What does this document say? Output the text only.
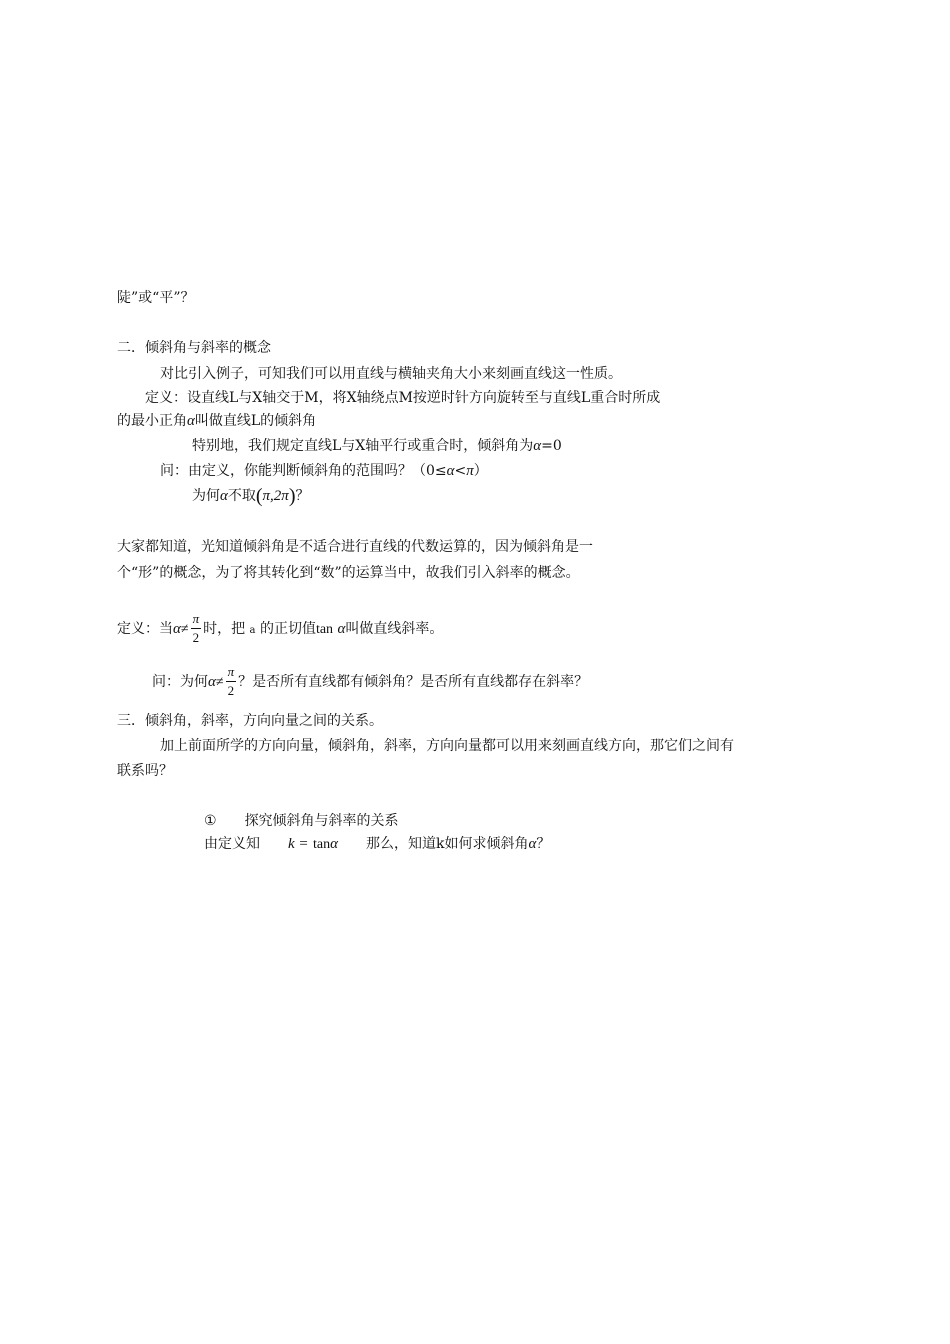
陡”或“平”？
二．倾斜角与斜率的概念
对比引入例子，可知我们可以用直线与横轴夹角大小来刻画直线这一性质。
定义：设直线L与X轴交于M，将X轴绕点M按逆时针方向旋转至与直线L重合时所成
的最小正角α叫做直线L的倾斜角
特别地，我们规定直线L与X轴平行或重合时，倾斜角为α=0
问：由定义，你能判断倾斜角的范围吗？（0≤α<π）
为何α不取(π,2π)？
大家都知道，光知道倾斜角是不适合进行直线的代数运算的，因为倾斜角是一
个“形”的概念，为了将其转化到“数”的运算当中，故我们引入斜率的概念。
定义：当$\alpha\ne \frac{\pi}{2}$ 时，把 a 的正切值tan α叫做直线斜率。
问：为何$\alpha\ne \frac{\pi}{2}$ ？是否所有直线都有倾斜角？是否所有直线都存在斜率？
三．倾斜角，斜率，方向向量之间的关系。
加上前面所学的方向向量，倾斜角，斜率，方向向量都可以用来刻画直线方向，那它们之间有
联系吗？
① 探究倾斜角与斜率的关系
由定义知 k = tanα 那么，知道k如何求倾斜角α？
